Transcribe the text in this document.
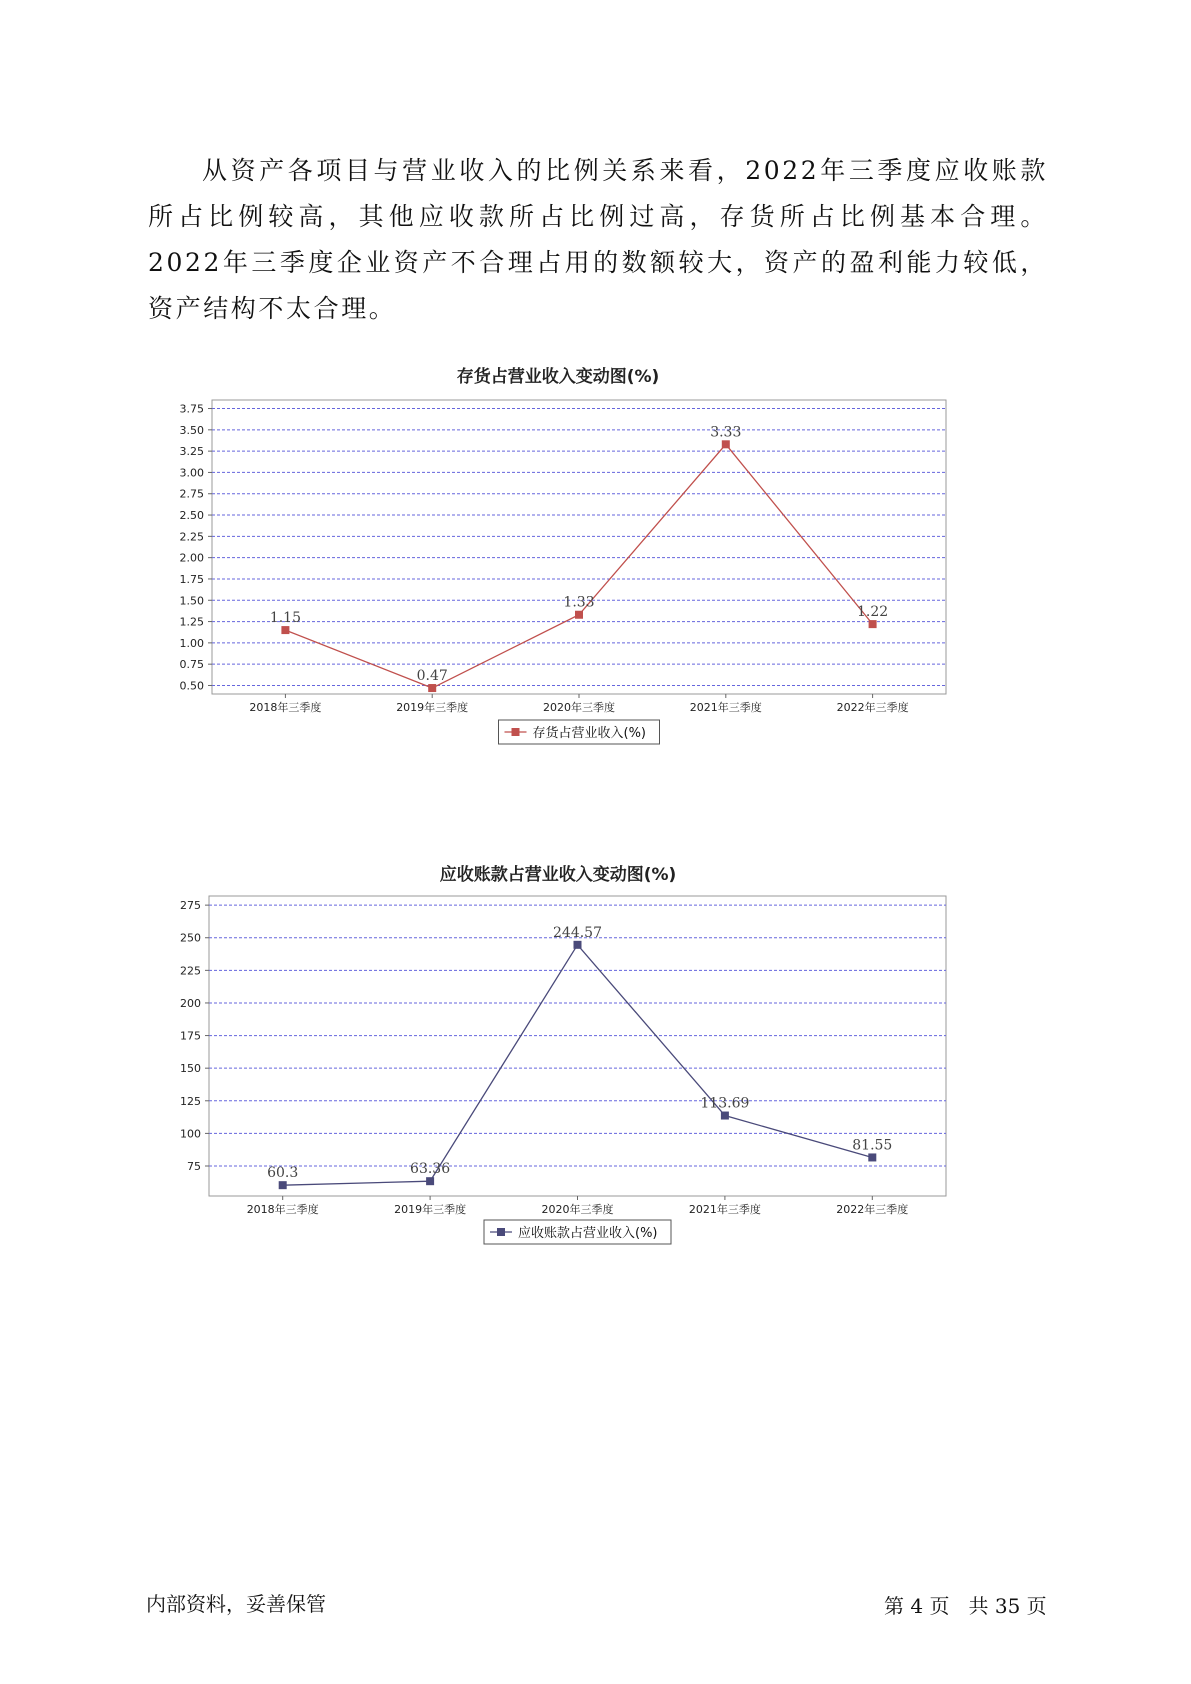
从资产各项目与营业收入的比例关系来看，2022年三季度应收账款所占比例较高，其他应收款所占比例过高，存货所占比例基本合理。2022年三季度企业资产不合理占用的数额较大，资产的盈利能力较低，资产结构不太合理。

存货占营业收入变动图(%)
0.50
0.75
1.00
1.25
1.50
1.75
2.00
2.25
2.50
2.75
3.00
3.25
3.50
3.75
2018年三季度	2019年三季度	2020年三季度	2021年三季度	2022年三季度
1.15
0.47
1.33
3.33
1.22
存货占营业收入(%)
应收账款占营业收入变动图(%)
75
100
125
150
175
200
225
250
275
2018年三季度	2019年三季度	2020年三季度	2021年三季度	2022年三季度
60.3	63.36
244.57
113.69
81.55
应收账款占营业收入(%)
内部资料，妥善保管	第 4 页   共 35 页
